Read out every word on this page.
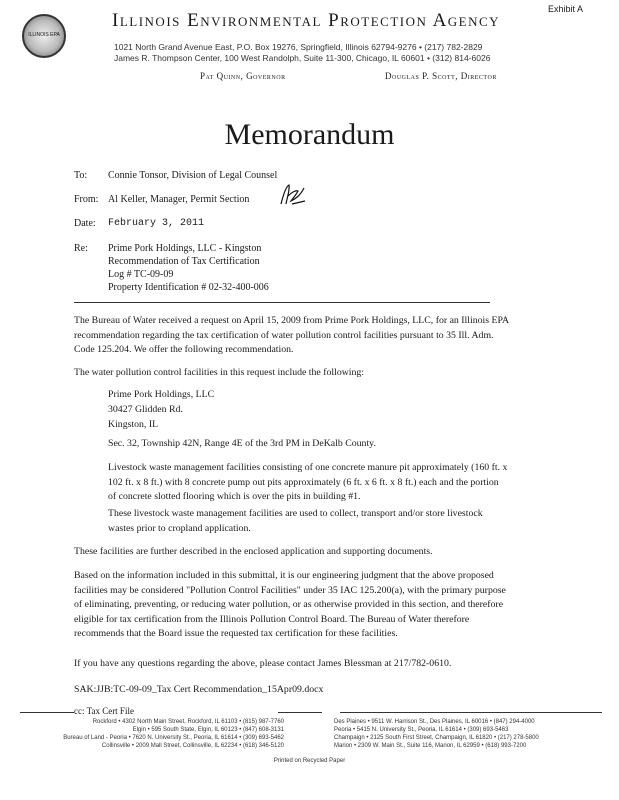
ILLINOIS EPA
Illinois Environmental Protection Agency
Exhibit A
1021 North Grand Avenue East, P.O. Box 19276, Springfield, Illinois 62794-9276 • (217) 782-2829
James R. Thompson Center, 100 West Randolph, Suite 11-300, Chicago, IL 60601 • (312) 814-6026
Pat Quinn, Governor	Douglas P. Scott, Director
Memorandum
To: Connie Tonsor, Division of Legal Counsel
From: Al Keller, Manager, Permit Section
Date: February 3, 2011
Re: Prime Pork Holdings, LLC - Kingston
Recommendation of Tax Certification
Log # TC-09-09
Property Identification # 02-32-400-006
The Bureau of Water received a request on April 15, 2009 from Prime Pork Holdings, LLC, for an Illinois EPA recommendation regarding the tax certification of water pollution control facilities pursuant to 35 Ill. Adm. Code 125.204. We offer the following recommendation.
The water pollution control facilities in this request include the following:
Prime Pork Holdings, LLC
30427 Glidden Rd.
Kingston, IL
Sec. 32, Township 42N, Range 4E of the 3rd PM in DeKalb County.
Livestock waste management facilities consisting of one concrete manure pit approximately (160 ft. x 102 ft. x 8 ft.) with 8 concrete pump out pits approximately (6 ft. x 6 ft. x 8 ft.) each and the portion of concrete slotted flooring which is over the pits in building #1.
These livestock waste management facilities are used to collect, transport and/or store livestock wastes prior to cropland application.
These facilities are further described in the enclosed application and supporting documents.
Based on the information included in this submittal, it is our engineering judgment that the above proposed facilities may be considered "Pollution Control Facilities" under 35 IAC 125.200(a), with the primary purpose of eliminating, preventing, or reducing water pollution, or as otherwise provided in this section, and therefore eligible for tax certification from the Illinois Pollution Control Board. The Bureau of Water therefore recommends that the Board issue the requested tax certification for these facilities.
If you have any questions regarding the above, please contact James Blessman at 217/782-0610.
SAK:JJB:TC-09-09_Tax Cert Recommendation_15Apr09.docx
cc: Tax Cert File
Rockford • 4302 North Main Street, Rockford, IL 61103 • (815) 987-7760
Elgin • 595 South State, Elgin, IL 60123 • (847) 608-3131
Bureau of Land - Peoria • 7620 N. University St., Peoria, IL 61614 • (309) 693-5462
Collinsville • 2009 Mall Street, Collinsville, IL 62234 • (618) 346-5120
Des Plaines • 9511 W. Harrison St., Des Plaines, IL 60016 • (847) 294-4000
Peoria • 5415 N. University St., Peoria, IL 61614 • (309) 693-5463
Champaign • 2125 South First Street, Champaign, IL 61820 • (217) 278-5800
Marion • 2309 W. Main St., Suite 116, Marion, IL 62959 • (618) 993-7200
Printed on Recycled Paper
